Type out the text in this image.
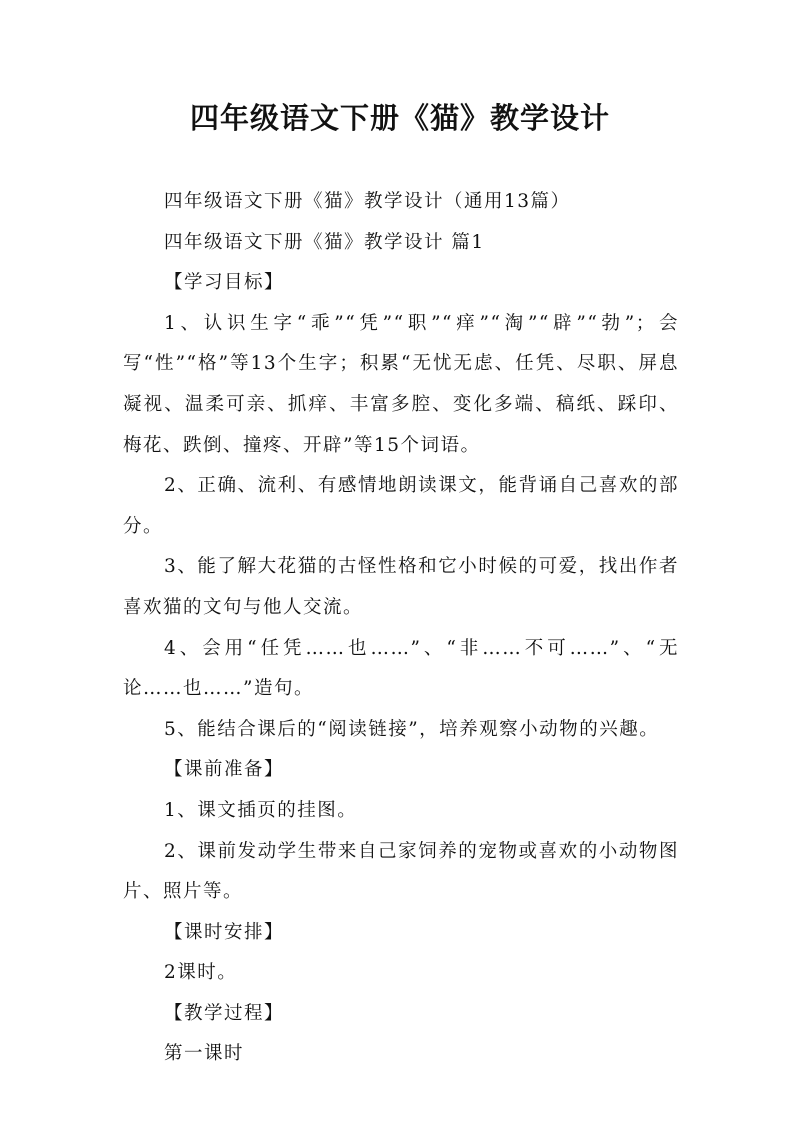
四年级语文下册《猫》教学设计

四年级语文下册《猫》教学设计（通用13篇）

四年级语文下册《猫》教学设计 篇1

【学习目标】

1、认识生字“乖”“凭”“职”“痒”“淘”“辟”“勃”；会写“性”“格”等13个生字；积累“无忧无虑、任凭、尽职、屏息凝视、温柔可亲、抓痒、丰富多腔、变化多端、稿纸、踩印、梅花、跌倒、撞疼、开辟”等15个词语。

2、正确、流利、有感情地朗读课文，能背诵自己喜欢的部分。

3、能了解大花猫的古怪性格和它小时候的可爱，找出作者喜欢猫的文句与他人交流。

4、会用“任凭……也……”、“非……不可……”、“无论……也……”造句。

5、能结合课后的“阅读链接”，培养观察小动物的兴趣。

【课前准备】

1、课文插页的挂图。

2、课前发动学生带来自己家饲养的宠物或喜欢的小动物图片、照片等。

【课时安排】

2课时。

【教学过程】

第一课时
